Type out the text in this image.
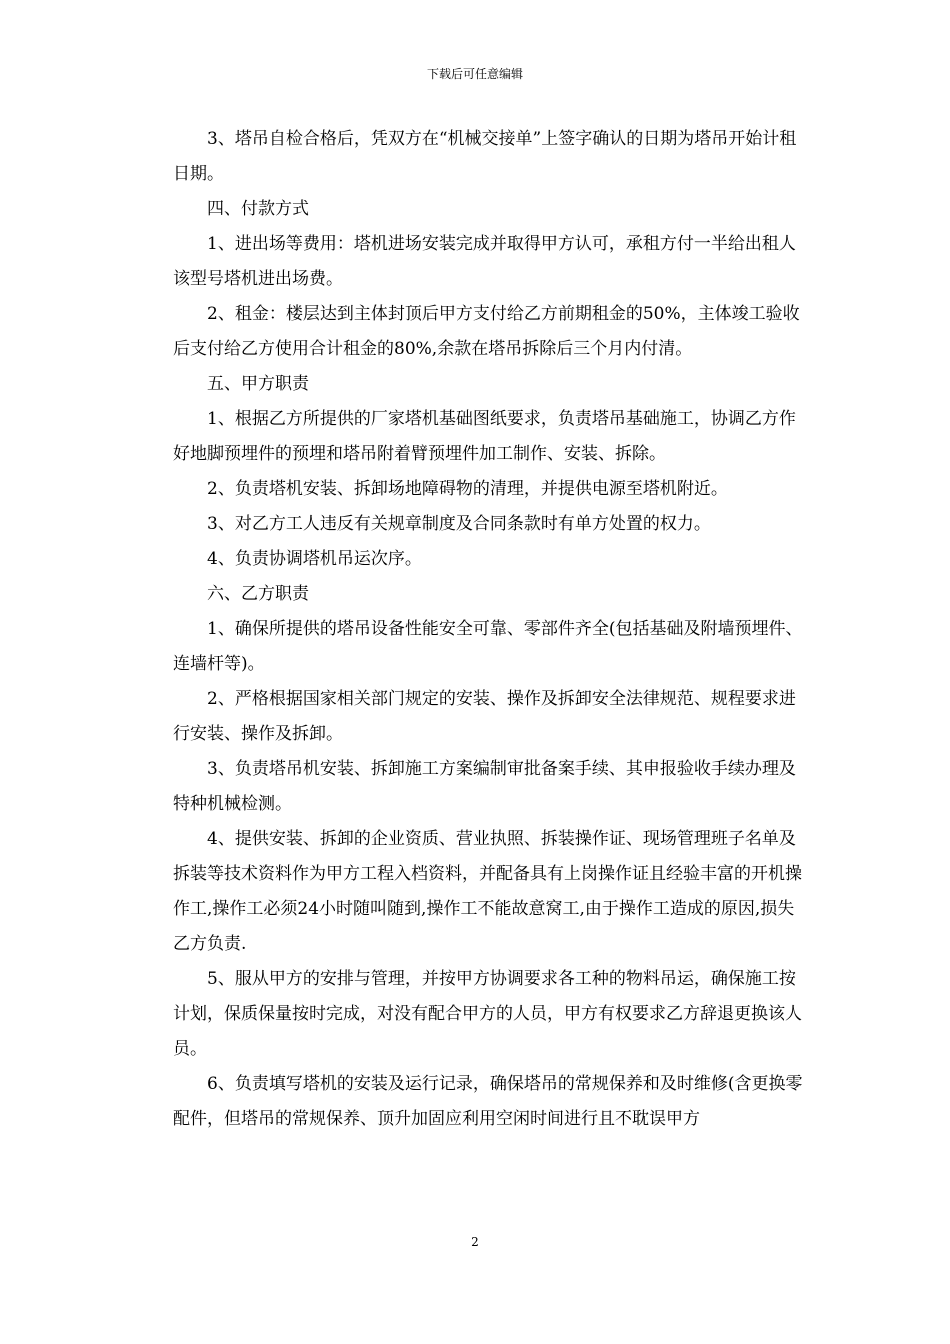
下载后可任意编辑

3、塔吊自检合格后，凭双方在“机械交接单”上签字确认的日期为塔吊开始计租日期。

四、付款方式

1、进出场等费用：塔机进场安装完成并取得甲方认可，承租方付一半给出租人该型号塔机进出场费。

2、租金：楼层达到主体封顶后甲方支付给乙方前期租金的50%，主体竣工验收后支付给乙方使用合计租金的80%,余款在塔吊拆除后三个月内付清。

五、甲方职责

1、根据乙方所提供的厂家塔机基础图纸要求，负责塔吊基础施工，协调乙方作好地脚预埋件的预埋和塔吊附着臂预埋件加工制作、安装、拆除。

2、负责塔机安装、拆卸场地障碍物的清理，并提供电源至塔机附近。

3、对乙方工人违反有关规章制度及合同条款时有单方处置的权力。

4、负责协调塔机吊运次序。

六、乙方职责

1、确保所提供的塔吊设备性能安全可靠、零部件齐全(包括基础及附墙预埋件、连墙杆等)。

2、严格根据国家相关部门规定的安装、操作及拆卸安全法律规范、规程要求进行安装、操作及拆卸。

3、负责塔吊机安装、拆卸施工方案编制审批备案手续、其申报验收手续办理及特种机械检测。

4、提供安装、拆卸的企业资质、营业执照、拆装操作证、现场管理班子名单及拆装等技术资料作为甲方工程入档资料，并配备具有上岗操作证且经验丰富的开机操作工,操作工必须24小时随叫随到,操作工不能故意窝工,由于操作工造成的原因,损失乙方负责.

5、服从甲方的安排与管理，并按甲方协调要求各工种的物料吊运，确保施工按计划，保质保量按时完成，对没有配合甲方的人员，甲方有权要求乙方辞退更换该人员。

6、负责填写塔机的安装及运行记录，确保塔吊的常规保养和及时维修(含更换零配件，但塔吊的常规保养、顶升加固应利用空闲时间进行且不耽误甲方

2
